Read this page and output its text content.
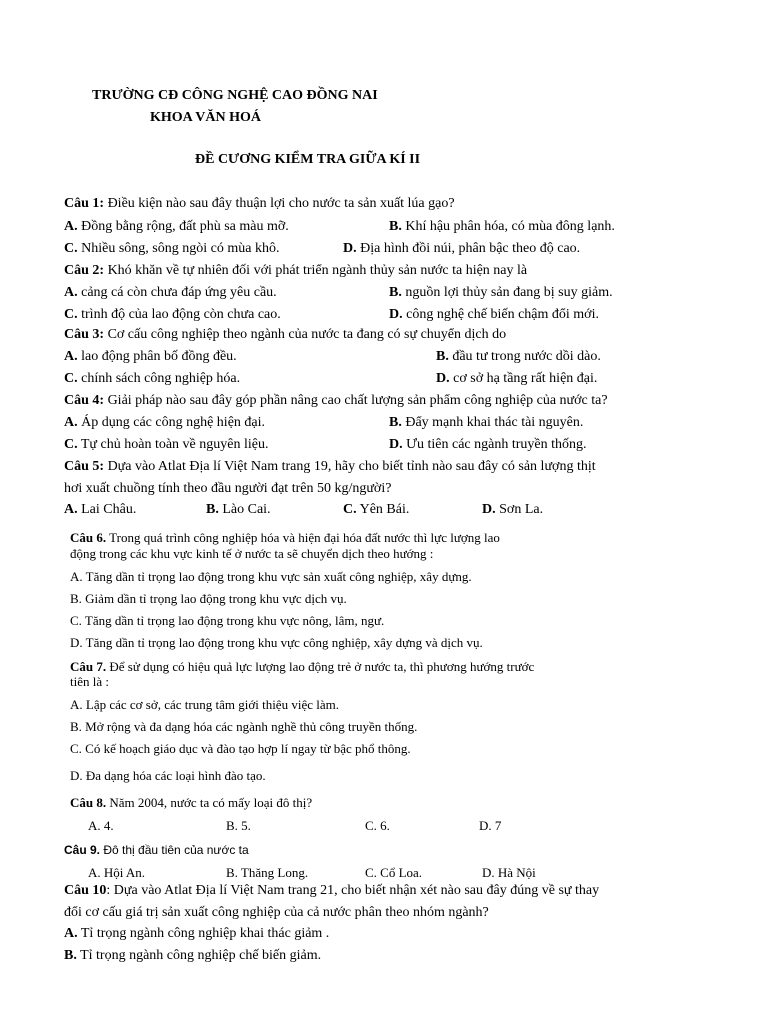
TRƯỜNG CĐ CÔNG NGHỆ CAO ĐỒNG NAI
KHOA VĂN HOÁ
ĐỀ CƯƠNG KIỂM TRA GIỮA KÍ II
Câu 1: Điều kiện nào sau đây thuận lợi cho nước ta sản xuất lúa gạo?
A. Đồng bằng rộng, đất phù sa màu mỡ.	B. Khí hậu phân hóa, có mùa đông lạnh.
C. Nhiều sông, sông ngòi có mùa khô.	D. Địa hình đồi núi, phân bậc theo độ cao.
Câu 2: Khó khăn về tự nhiên đối với phát triển ngành thủy sản nước ta hiện nay là
A. cảng cá còn chưa đáp ứng yêu cầu.	B. nguồn lợi thủy sản đang bị suy giảm.
C. trình độ của lao động còn chưa cao.	D. công nghệ chế biến chậm đổi mới.
Câu 3: Cơ cấu công nghiệp theo ngành của nước ta đang có sự chuyển dịch do
A. lao động phân bố đồng đều.	B. đầu tư trong nước dồi dào.
C. chính sách công nghiệp hóa.	D. cơ sở hạ tầng rất hiện đại.
Câu 4: Giải pháp nào sau đây góp phần nâng cao chất lượng sản phẩm công nghiệp của nước ta?
A. Áp dụng các công nghệ hiện đại.	B. Đẩy mạnh khai thác tài nguyên.
C. Tự chủ hoàn toàn về nguyên liệu.	D. Ưu tiên các ngành truyền thống.
Câu 5: Dựa vào Atlat Địa lí Việt Nam trang 19, hãy cho biết tỉnh nào sau đây có sản lượng thịt
hơi xuất chuồng tính theo đầu người đạt trên 50 kg/người?
A. Lai Châu.	B. Lào Cai.	C. Yên Bái.	D. Sơn La.
Câu 6. Trong quá trình công nghiệp hóa và hiện đại hóa đất nước thì lực lượng lao
động trong các khu vực kinh tế ở nước ta sẽ chuyển dịch theo hướng :
A. Tăng dần tỉ trọng lao động trong khu vực sản xuất công nghiệp, xây dựng.
B. Giảm dần tỉ trọng lao động trong khu vực dịch vụ.
C. Tăng dần tỉ trọng lao động trong khu vực nông, lâm, ngư.
D. Tăng dần tỉ trọng lao động trong khu vực công nghiệp, xây dựng và dịch vụ.
Câu 7. Để sử dụng có hiệu quả lực lượng lao động trẻ ở nước ta, thì phương hướng trước
tiên là :
A. Lập các cơ sở, các trung tâm giới thiệu việc làm.
B. Mở rộng và đa dạng hóa các ngành nghề thủ công truyền thống.
C. Có kế hoạch giáo dục và đào tạo hợp lí ngay từ bậc phổ thông.
D. Đa dạng hóa các loại hình đào tạo.
Câu 8. Năm 2004, nước ta có mấy loại đô thị?
A. 4.	B. 5.	C. 6.	D. 7
Câu 9. Đô thị đầu tiên của nước ta
A. Hội An.	B. Thăng Long.	C. Cổ Loa.	D. Hà Nội
Câu 10: Dựa vào Atlat Địa lí Việt Nam trang 21, cho biết nhận xét nào sau đây đúng về sự thay
đổi cơ cấu giá trị sản xuất công nghiệp của cả nước phân theo nhóm ngành?
A. Tỉ trọng ngành công nghiệp khai thác giảm .
B. Tỉ trọng ngành công nghiệp chế biến giảm.
